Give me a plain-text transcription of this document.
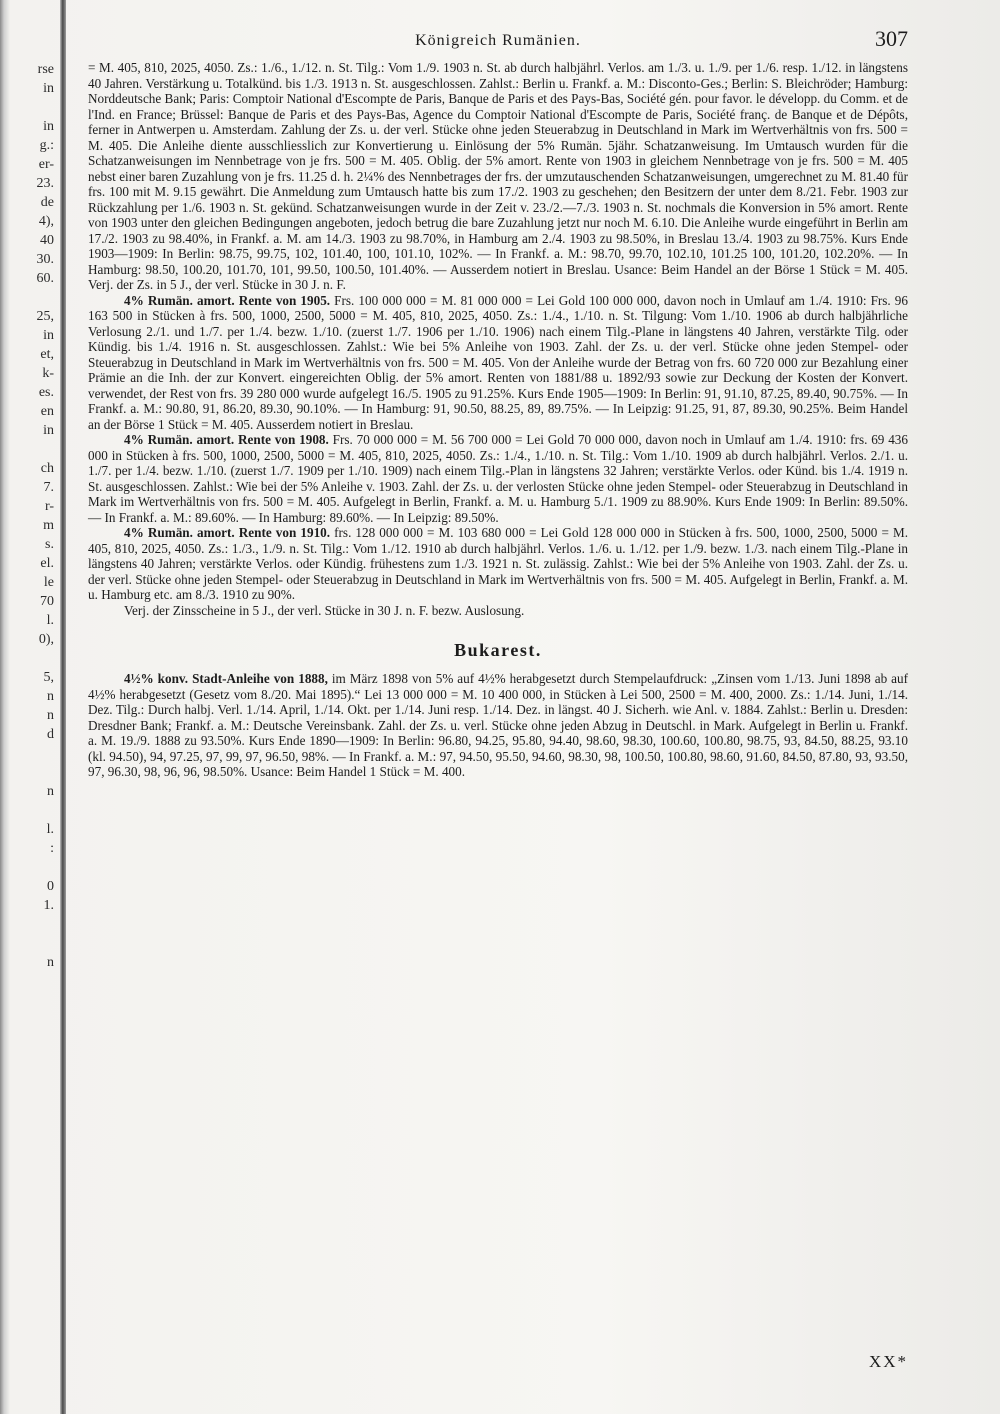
rse
in
in
g.:
er-
23.
de
4),
40
30.
60.
25,
in
et,
k-
es.
en
in
ch
7.
r-
m
s.
el.
le
70
l.
0),
5,
n
n
d
n
l.
:
0
1.
n
Königreich Rumänien.	307

= M. 405, 810, 2025, 4050. Zs.: 1./6., 1./12. n. St. Tilg.: Vom 1./9. 1903 n. St. ab durch halbjährl. Verlos. am 1./3. u. 1./9. per 1./6. resp. 1./12. in längstens 40 Jahren. Verstärkung u. Totalkünd. bis 1./3. 1913 n. St. ausgeschlossen. Zahlst.: Berlin u. Frankf. a. M.: Disconto-Ges.; Berlin: S. Bleichröder; Hamburg: Norddeutsche Bank; Paris: Comptoir National d'Escompte de Paris, Banque de Paris et des Pays-Bas, Société gén. pour favor. le développ. du Comm. et de l'Ind. en France; Brüssel: Banque de Paris et des Pays-Bas, Agence du Comptoir National d'Escompte de Paris, Société franç. de Banque et de Dépôts, ferner in Antwerpen u. Amsterdam. Zahlung der Zs. u. der verl. Stücke ohne jeden Steuerabzug in Deutschland in Mark im Wertverhältnis von frs. 500 = M. 405. Die Anleihe diente ausschliesslich zur Konvertierung u. Einlösung der 5% Rumän. 5jähr. Schatzanweisung. Im Umtausch wurden für die Schatzanweisungen im Nennbetrage von je frs. 500 = M. 405. Oblig. der 5% amort. Rente von 1903 in gleichem Nennbetrage von je frs. 500 = M. 405 nebst einer baren Zuzahlung von je frs. 11.25 d. h. 2¼% des Nennbetrages der frs. der umzutauschenden Schatzanweisungen, umgerechnet zu M. 81.40 für frs. 100 mit M. 9.15 gewährt. Die Anmeldung zum Umtausch hatte bis zum 17./2. 1903 zu geschehen; den Besitzern der unter dem 8./21. Febr. 1903 zur Rückzahlung per 1./6. 1903 n. St. gekünd. Schatzanweisungen wurde in der Zeit v. 23./2.—7./3. 1903 n. St. nochmals die Konversion in 5% amort. Rente von 1903 unter den gleichen Bedingungen angeboten, jedoch betrug die bare Zuzahlung jetzt nur noch M. 6.10. Die Anleihe wurde eingeführt in Berlin am 17./2. 1903 zu 98.40%, in Frankf. a. M. am 14./3. 1903 zu 98.70%, in Hamburg am 2./4. 1903 zu 98.50%, in Breslau 13./4. 1903 zu 98.75%. Kurs Ende 1903—1909: In Berlin: 98.75, 99.75, 102, 101.40, 100, 101.10, 102%. — In Frankf. a. M.: 98.70, 99.70, 102.10, 101.25 100, 101.20, 102.20%. — In Hamburg: 98.50, 100.20, 101.70, 101, 99.50, 100.50, 101.40%. — Ausserdem notiert in Breslau. Usance: Beim Handel an der Börse 1 Stück = M. 405. Verj. der Zs. in 5 J., der verl. Stücke in 30 J. n. F.

4% Rumän. amort. Rente von 1905. Frs. 100 000 000 = M. 81 000 000 = Lei Gold 100 000 000, davon noch in Umlauf am 1./4. 1910: Frs. 96 163 500 in Stücken à frs. 500, 1000, 2500, 5000 = M. 405, 810, 2025, 4050. Zs.: 1./4., 1./10. n. St. Tilgung: Vom 1./10. 1906 ab durch halbjährliche Verlosung 2./1. und 1./7. per 1./4. bezw. 1./10. (zuerst 1./7. 1906 per 1./10. 1906) nach einem Tilg.-Plane in längstens 40 Jahren, verstärkte Tilg. oder Kündig. bis 1./4. 1916 n. St. ausgeschlossen. Zahlst.: Wie bei 5% Anleihe von 1903. Zahl. der Zs. u. der verl. Stücke ohne jeden Stempel- oder Steuerabzug in Deutschland in Mark im Wertverhältnis von frs. 500 = M. 405. Von der Anleihe wurde der Betrag von frs. 60 720 000 zur Bezahlung einer Prämie an die Inh. der zur Konvert. eingereichten Oblig. der 5% amort. Renten von 1881/88 u. 1892/93 sowie zur Deckung der Kosten der Konvert. verwendet, der Rest von frs. 39 280 000 wurde aufgelegt 16./5. 1905 zu 91.25%. Kurs Ende 1905—1909: In Berlin: 91, 91.10, 87.25, 89.40, 90.75%. — In Frankf. a. M.: 90.80, 91, 86.20, 89.30, 90.10%. — In Hamburg: 91, 90.50, 88.25, 89, 89.75%. — In Leipzig: 91.25, 91, 87, 89.30, 90.25%. Beim Handel an der Börse 1 Stück = M. 405. Ausserdem notiert in Breslau.

4% Rumän. amort. Rente von 1908. Frs. 70 000 000 = M. 56 700 000 = Lei Gold 70 000 000, davon noch in Umlauf am 1./4. 1910: frs. 69 436 000 in Stücken à frs. 500, 1000, 2500, 5000 = M. 405, 810, 2025, 4050. Zs.: 1./4., 1./10. n. St. Tilg.: Vom 1./10. 1909 ab durch halbjährl. Verlos. 2./1. u. 1./7. per 1./4. bezw. 1./10. (zuerst 1./7. 1909 per 1./10. 1909) nach einem Tilg.-Plan in längstens 32 Jahren; verstärkte Verlos. oder Künd. bis 1./4. 1919 n. St. ausgeschlossen. Zahlst.: Wie bei der 5% Anleihe v. 1903. Zahl. der Zs. u. der verlosten Stücke ohne jeden Stempel- oder Steuerabzug in Deutschland in Mark im Wertverhältnis von frs. 500 = M. 405. Aufgelegt in Berlin, Frankf. a. M. u. Hamburg 5./1. 1909 zu 88.90%. Kurs Ende 1909: In Berlin: 89.50%. — In Frankf. a. M.: 89.60%. — In Hamburg: 89.60%. — In Leipzig: 89.50%.

4% Rumän. amort. Rente von 1910. frs. 128 000 000 = M. 103 680 000 = Lei Gold 128 000 000 in Stücken à frs. 500, 1000, 2500, 5000 = M. 405, 810, 2025, 4050. Zs.: 1./3., 1./9. n. St. Tilg.: Vom 1./12. 1910 ab durch halbjährl. Verlos. 1./6. u. 1./12. per 1./9. bezw. 1./3. nach einem Tilg.-Plane in längstens 40 Jahren; verstärkte Verlos. oder Kündig. frühestens zum 1./3. 1921 n. St. zulässig. Zahlst.: Wie bei der 5% Anleihe von 1903. Zahl. der Zs. u. der verl. Stücke ohne jeden Stempel- oder Steuerabzug in Deutschland in Mark im Wertverhältnis von frs. 500 = M. 405. Aufgelegt in Berlin, Frankf. a. M. u. Hamburg etc. am 8./3. 1910 zu 90%.

Verj. der Zinsscheine in 5 J., der verl. Stücke in 30 J. n. F. bezw. Auslosung.

Bukarest.

4½% konv. Stadt-Anleihe von 1888, im März 1898 von 5% auf 4½% herabgesetzt durch Stempelaufdruck: „Zinsen vom 1./13. Juni 1898 ab auf 4½% herabgesetzt (Gesetz vom 8./20. Mai 1895).“ Lei 13 000 000 = M. 10 400 000, in Stücken à Lei 500, 2500 = M. 400, 2000. Zs.: 1./14. Juni, 1./14. Dez. Tilg.: Durch halbj. Verl. 1./14. April, 1./14. Okt. per 1./14. Juni resp. 1./14. Dez. in längst. 40 J. Sicherh. wie Anl. v. 1884. Zahlst.: Berlin u. Dresden: Dresdner Bank; Frankf. a. M.: Deutsche Vereinsbank. Zahl. der Zs. u. verl. Stücke ohne jeden Abzug in Deutschl. in Mark. Aufgelegt in Berlin u. Frankf. a. M. 19./9. 1888 zu 93.50%. Kurs Ende 1890—1909: In Berlin: 96.80, 94.25, 95.80, 94.40, 98.60, 98.30, 100.60, 100.80, 98.75, 93, 84.50, 88.25, 93.10 (kl. 94.50), 94, 97.25, 97, 99, 97, 96.50, 98%. — In Frankf. a. M.: 97, 94.50, 95.50, 94.60, 98.30, 98, 100.50, 100.80, 98.60, 91.60, 84.50, 87.80, 93, 93.50, 97, 96.30, 98, 96, 96, 98.50%. Usance: Beim Handel 1 Stück = M. 400.

XX*
